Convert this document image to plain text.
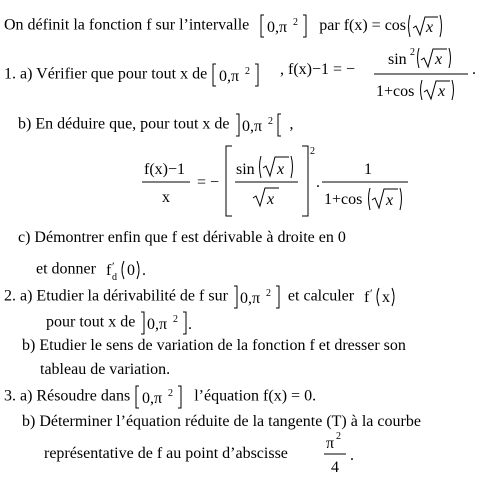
On définit la fonction f sur l’intervalle 0,π 2 par f(x) = cos x
1. a) Vérifier que pour tout x de 0,π 2 , f(x)−1 = −
sin 2 x
1+cos x
.
b) En déduire que, pour tout x de 0,π 2 ,
f(x)−1
x
= −
sin x
x
2
.
1
1+cos x
c) Démontrer enfin que f est dérivable à droite en 0
et donner f ′
d 0 .
2. a) Etudier la dérivabilité de f sur 0,π 2 et calculer f ′ x
pour tout x de 0,π 2 .
b) Etudier le sens de variation de la fonction f et dresser son
tableau de variation.
3. a) Résoudre dans 0,π 2 l’équation f(x) = 0.
b) Déterminer l’équation réduite de la tangente (T) à la courbe
représentative de f au point d’abscisse
π 2
4
.
